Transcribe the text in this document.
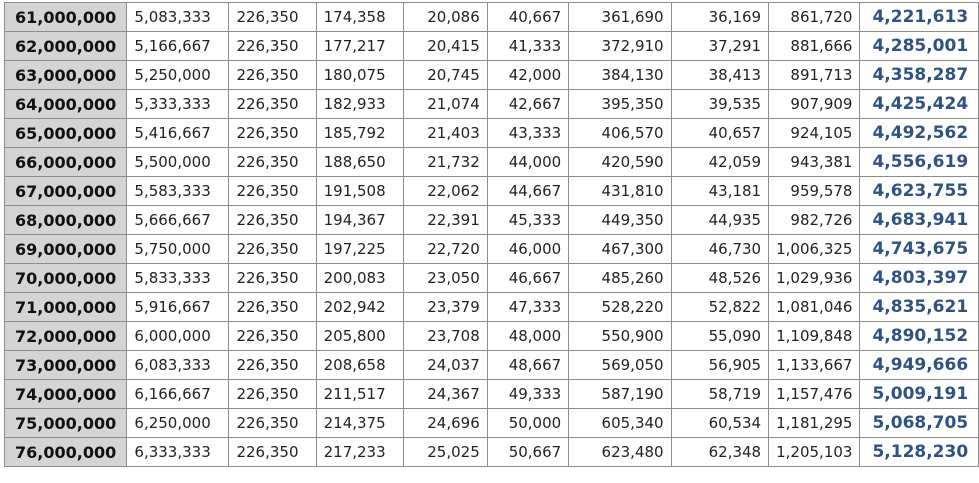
61,000,000	5,083,333	226,350	174,358	20,086	40,667	361,690	36,169	861,720	4,221,613
62,000,000	5,166,667	226,350	177,217	20,415	41,333	372,910	37,291	881,666	4,285,001
63,000,000	5,250,000	226,350	180,075	20,745	42,000	384,130	38,413	891,713	4,358,287
64,000,000	5,333,333	226,350	182,933	21,074	42,667	395,350	39,535	907,909	4,425,424
65,000,000	5,416,667	226,350	185,792	21,403	43,333	406,570	40,657	924,105	4,492,562
66,000,000	5,500,000	226,350	188,650	21,732	44,000	420,590	42,059	943,381	4,556,619
67,000,000	5,583,333	226,350	191,508	22,062	44,667	431,810	43,181	959,578	4,623,755
68,000,000	5,666,667	226,350	194,367	22,391	45,333	449,350	44,935	982,726	4,683,941
69,000,000	5,750,000	226,350	197,225	22,720	46,000	467,300	46,730	1,006,325	4,743,675
70,000,000	5,833,333	226,350	200,083	23,050	46,667	485,260	48,526	1,029,936	4,803,397
71,000,000	5,916,667	226,350	202,942	23,379	47,333	528,220	52,822	1,081,046	4,835,621
72,000,000	6,000,000	226,350	205,800	23,708	48,000	550,900	55,090	1,109,848	4,890,152
73,000,000	6,083,333	226,350	208,658	24,037	48,667	569,050	56,905	1,133,667	4,949,666
74,000,000	6,166,667	226,350	211,517	24,367	49,333	587,190	58,719	1,157,476	5,009,191
75,000,000	6,250,000	226,350	214,375	24,696	50,000	605,340	60,534	1,181,295	5,068,705
76,000,000	6,333,333	226,350	217,233	25,025	50,667	623,480	62,348	1,205,103	5,128,230
